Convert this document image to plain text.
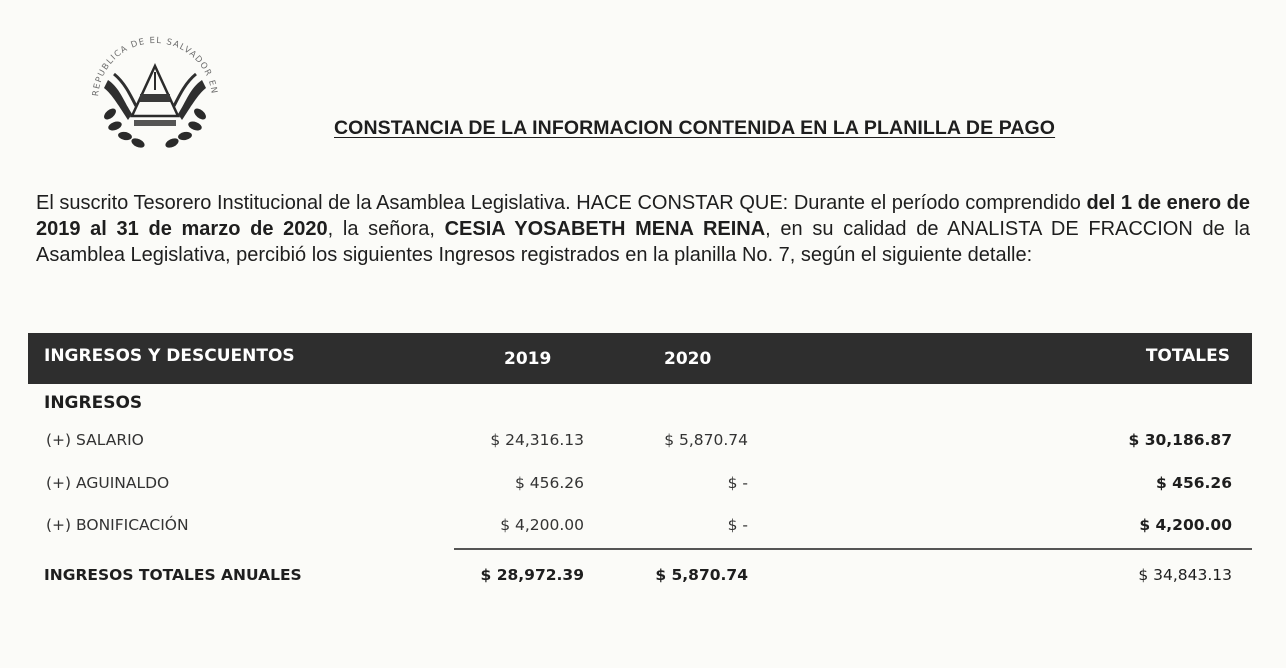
REPUBLICA DE EL SALVADOR EN
CONSTANCIA DE LA INFORMACION CONTENIDA EN LA PLANILLA DE PAGO
El suscrito Tesorero Institucional de la Asamblea Legislativa. HACE CONSTAR QUE: Durante el período comprendido del 1 de enero de 2019 al 31 de marzo de 2020, la señora, CESIA YOSABETH MENA REINA, en su calidad de ANALISTA DE FRACCION de la Asamblea Legislativa, percibió los siguientes Ingresos registrados en la planilla No. 7, según el siguiente detalle:
INGRESOS Y DESCUENTOS	2019	2020	TOTALES
INGRESOS
(+) SALARIO	$ 24,316.13	$ 5,870.74	$ 30,186.87
(+) AGUINALDO	$ 456.26	$ -	$ 456.26
(+) BONIFICACIÓN	$ 4,200.00	$ -	$ 4,200.00
INGRESOS TOTALES ANUALES	$ 28,972.39	$ 5,870.74	$ 34,843.13
